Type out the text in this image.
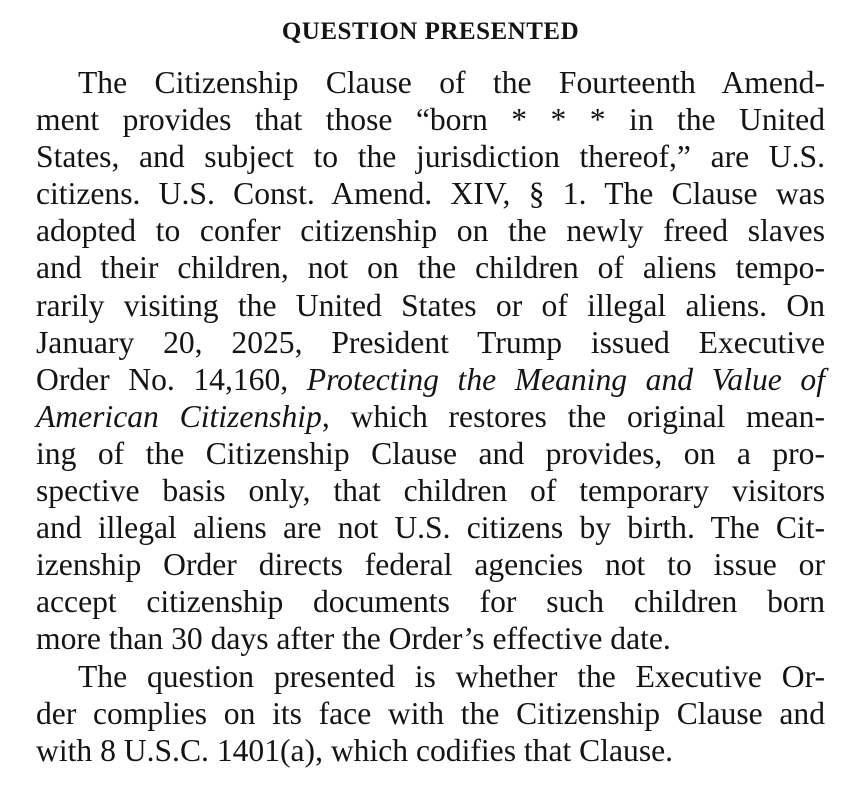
QUESTION PRESENTED
The Citizenship Clause of the Fourteenth Amend-
ment provides that those “born * * * in the United
States, and subject to the jurisdiction thereof,” are U.S.
citizens. U.S. Const. Amend. XIV, § 1. The Clause was
adopted to confer citizenship on the newly freed slaves
and their children, not on the children of aliens tempo-
rarily visiting the United States or of illegal aliens. On
January 20, 2025, President Trump issued Executive
Order No. 14,160, Protecting the Meaning and Value of
American Citizenship, which restores the original mean-
ing of the Citizenship Clause and provides, on a pro-
spective basis only, that children of temporary visitors
and illegal aliens are not U.S. citizens by birth. The Cit-
izenship Order directs federal agencies not to issue or
accept citizenship documents for such children born
more than 30 days after the Order’s effective date.
The question presented is whether the Executive Or-
der complies on its face with the Citizenship Clause and
with 8 U.S.C. 1401(a), which codifies that Clause.
